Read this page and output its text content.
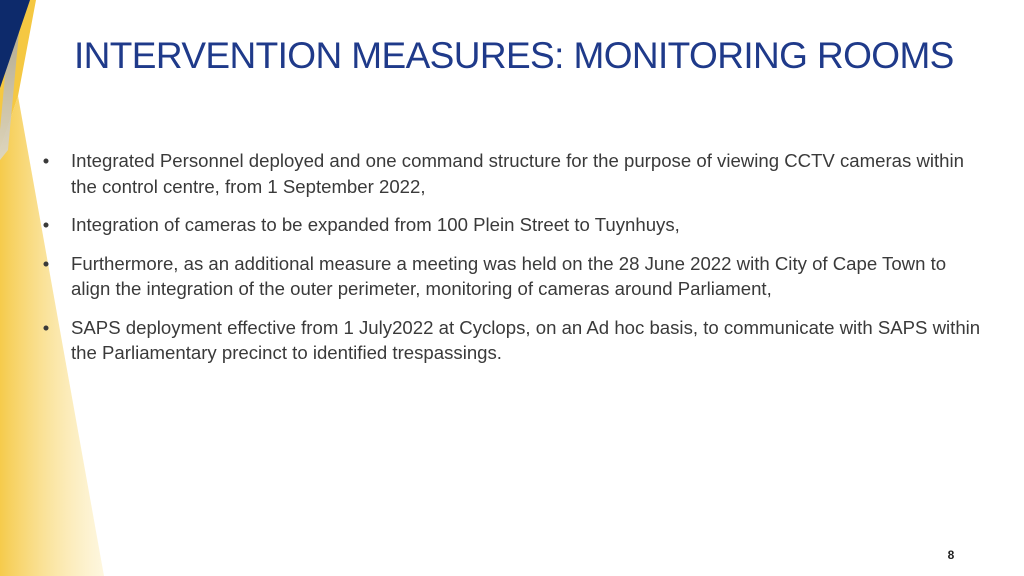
INTERVENTION MEASURES: MONITORING ROOMS
• Integrated Personnel deployed and one command structure for the purpose of viewing CCTV cameras within the control centre, from 1 September 2022,
• Integration of cameras to be expanded from 100 Plein Street to Tuynhuys,
• Furthermore, as an additional measure a meeting was held on the 28 June 2022 with City of Cape Town to align the integration of the outer perimeter, monitoring of cameras around Parliament,
• SAPS deployment effective from 1 July2022 at Cyclops, on an Ad hoc basis, to communicate with SAPS within the Parliamentary precinct to identified trespassings.
8
